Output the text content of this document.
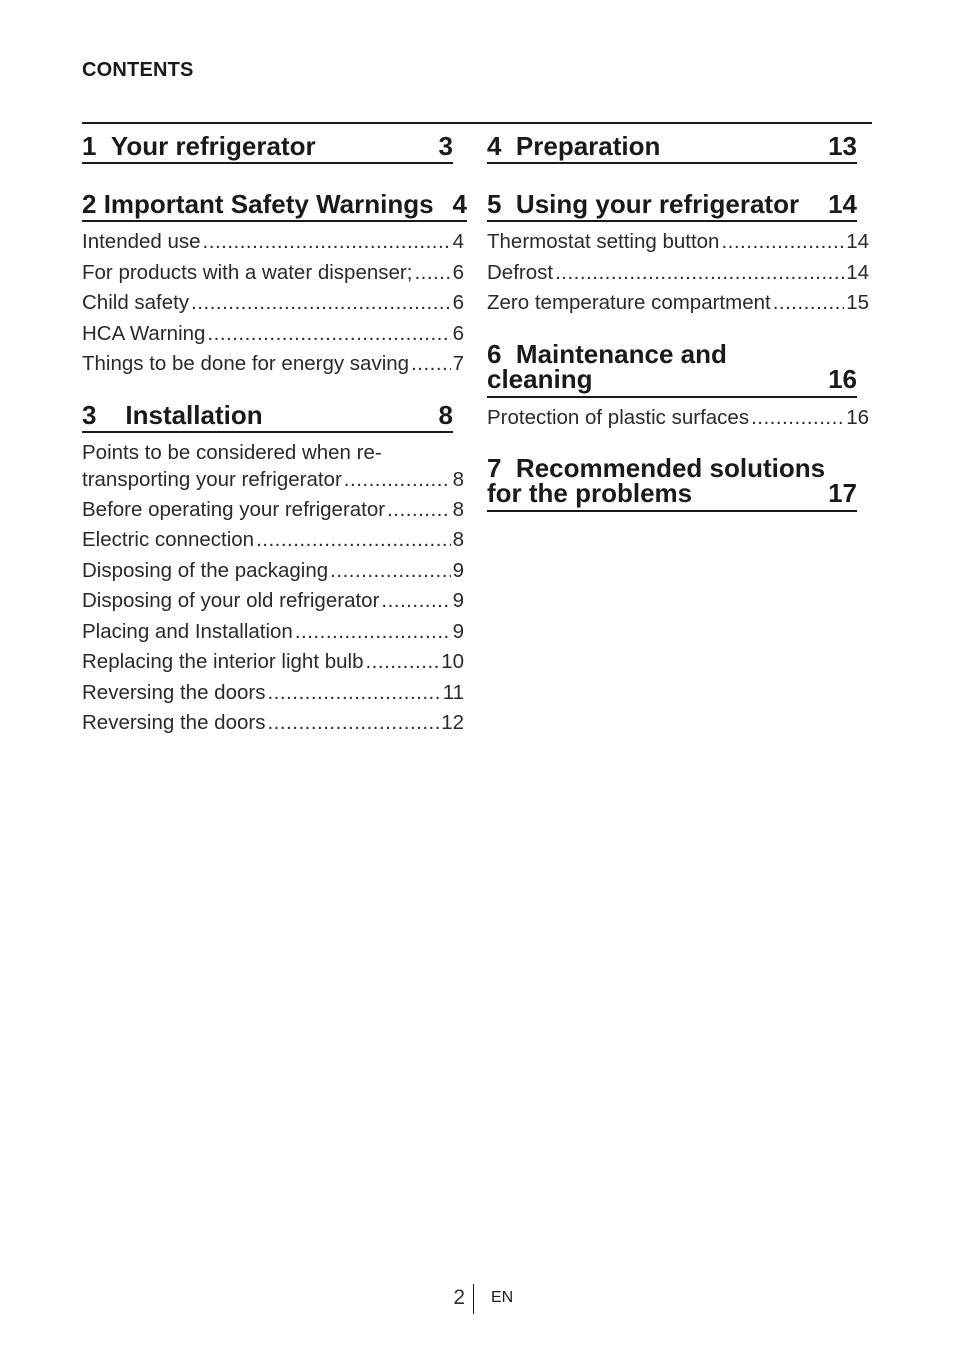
CONTENTS
1 Your refrigerator	3
2 Important Safety Warnings 4
Intended use .....	4
For products with a water dispenser; ..... 6
Child safety .....	6
HCA Warning .....	6
Things to be done for energy saving ..... 7
3 Installation	8
Points to be considered when re-
transporting your refrigerator .....	8
Before operating your refrigerator .....	8
Electric connection .....	8
Disposing of the packaging .....	9
Disposing of your old refrigerator .....	9
Placing and Installation .....	9
Replacing the interior light bulb .....	10
Reversing the doors .....	11
Reversing the doors .....	12
4 Preparation	13
5 Using your refrigerator 14
Thermostat setting button .....	14
Defrost .....	14
Zero temperature compartment .....	15
6 Maintenance and
cleaning	16
Protection of plastic surfaces .....	16
7 Recommended solutions
for the problems	17
2 EN
